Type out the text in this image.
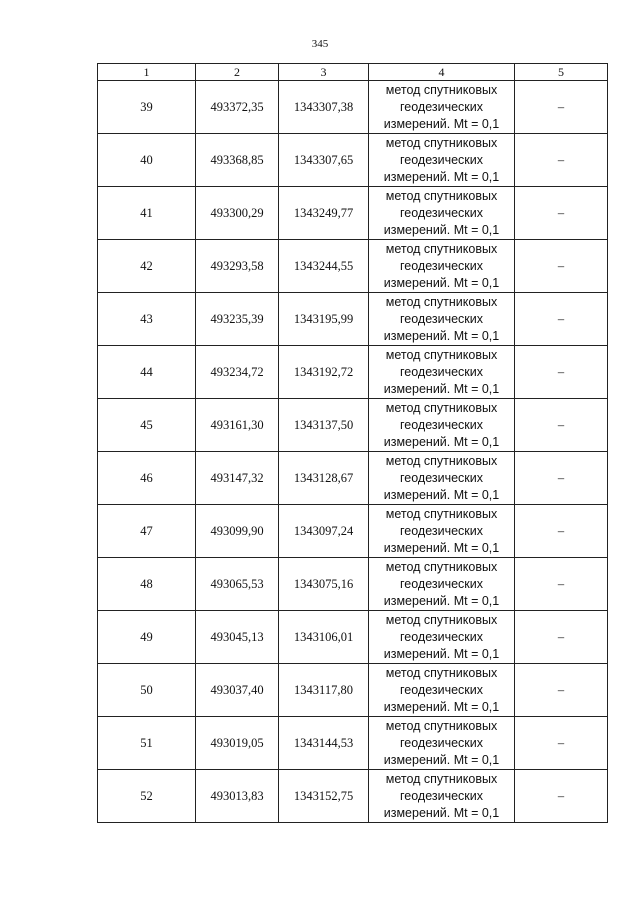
345
1	2	3	4	5
39	493372,35	1343307,38	метод спутниковых
геодезических
измерений. Mt = 0,1	–
40	493368,85	1343307,65	метод спутниковых
геодезических
измерений. Mt = 0,1	–
41	493300,29	1343249,77	метод спутниковых
геодезических
измерений. Mt = 0,1	–
42	493293,58	1343244,55	метод спутниковых
геодезических
измерений. Mt = 0,1	–
43	493235,39	1343195,99	метод спутниковых
геодезических
измерений. Mt = 0,1	–
44	493234,72	1343192,72	метод спутниковых
геодезических
измерений. Mt = 0,1	–
45	493161,30	1343137,50	метод спутниковых
геодезических
измерений. Mt = 0,1	–
46	493147,32	1343128,67	метод спутниковых
геодезических
измерений. Mt = 0,1	–
47	493099,90	1343097,24	метод спутниковых
геодезических
измерений. Mt = 0,1	–
48	493065,53	1343075,16	метод спутниковых
геодезических
измерений. Mt = 0,1	–
49	493045,13	1343106,01	метод спутниковых
геодезических
измерений. Mt = 0,1	–
50	493037,40	1343117,80	метод спутниковых
геодезических
измерений. Mt = 0,1	–
51	493019,05	1343144,53	метод спутниковых
геодезических
измерений. Mt = 0,1	–
52	493013,83	1343152,75	метод спутниковых
геодезических
измерений. Mt = 0,1	–
